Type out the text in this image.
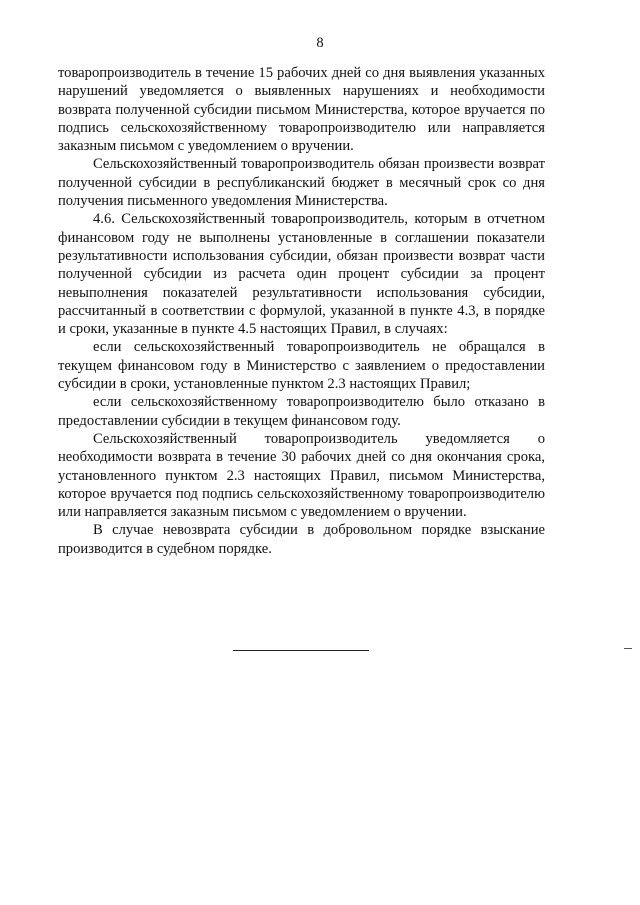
8

товаропроизводитель в течение 15 рабочих дней со дня выявления указанных нарушений уведомляется о выявленных нарушениях и необходимости возврата полученной субсидии письмом Министерства, которое вручается по подпись сельскохозяйственному товаропроизводителю или направляется заказным письмом с уведомлением о вручении.

Сельскохозяйственный товаропроизводитель обязан произвести возврат полученной субсидии в республиканский бюджет в месячный срок со дня получения письменного уведомления Министерства.

4.6. Сельскохозяйственный товаропроизводитель, которым в отчетном финансовом году не выполнены установленные в соглашении показатели результативности использования субсидии, обязан произвести возврат части полученной субсидии из расчета один процент субсидии за процент невыполнения показателей результативности использования субсидии, рассчитанный в соответствии с формулой, указанной в пункте 4.3, в порядке и сроки, указанные в пункте 4.5 настоящих Правил, в случаях:

если сельскохозяйственный товаропроизводитель не обращался в текущем финансовом году в Министерство с заявлением о предоставлении субсидии в сроки, установленные пунктом 2.3 настоящих Правил;

если сельскохозяйственному товаропроизводителю было отказано в предоставлении субсидии в текущем финансовом году.

Сельскохозяйственный товаропроизводитель уведомляется о необходимости возврата в течение 30 рабочих дней со дня окончания срока, установленного пунктом 2.3 настоящих Правил, письмом Министерства, которое вручается под подпись сельскохозяйственному товаропроизводителю или направляется заказным письмом с уведомлением о вручении.

В случае невозврата субсидии в добровольном порядке взыскание производится в судебном порядке.
